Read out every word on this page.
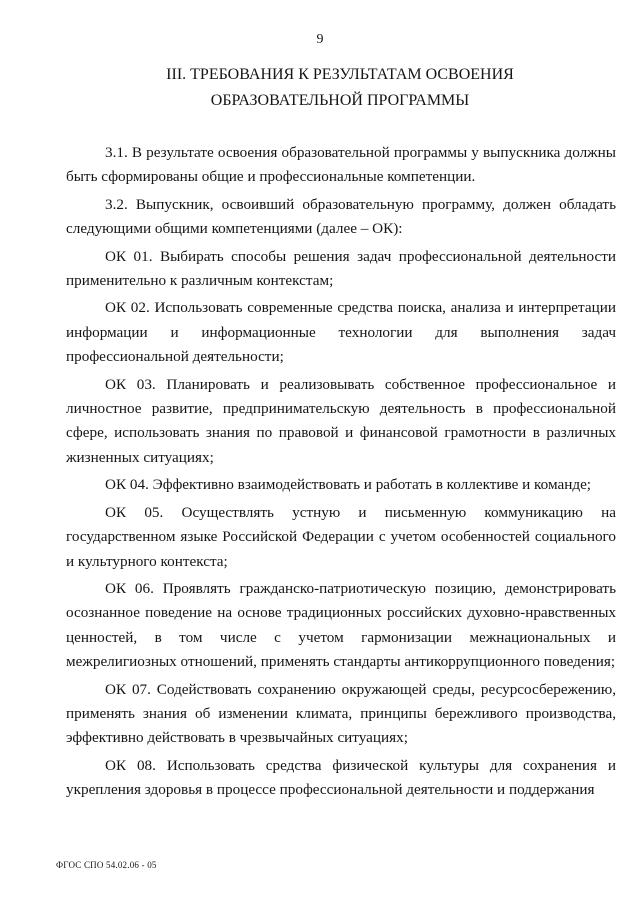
9
III. ТРЕБОВАНИЯ К РЕЗУЛЬТАТАМ ОСВОЕНИЯ ОБРАЗОВАТЕЛЬНОЙ ПРОГРАММЫ

3.1. В результате освоения образовательной программы у выпускника должны быть сформированы общие и профессиональные компетенции.

3.2. Выпускник, освоивший образовательную программу, должен обладать следующими общими компетенциями (далее – ОК):

ОК 01. Выбирать способы решения задач профессиональной деятельности применительно к различным контекстам;

ОК 02. Использовать современные средства поиска, анализа и интерпретации информации и информационные технологии для выполнения задач профессиональной деятельности;

ОК 03. Планировать и реализовывать собственное профессиональное и личностное развитие, предпринимательскую деятельность в профессиональной сфере, использовать знания по правовой и финансовой грамотности в различных жизненных ситуациях;

ОК 04. Эффективно взаимодействовать и работать в коллективе и команде;

ОК 05. Осуществлять устную и письменную коммуникацию на государственном языке Российской Федерации с учетом особенностей социального и культурного контекста;

ОК 06. Проявлять гражданско-патриотическую позицию, демонстрировать осознанное поведение на основе традиционных российских духовно-нравственных ценностей, в том числе с учетом гармонизации межнациональных и межрелигиозных отношений, применять стандарты антикоррупционного поведения;

ОК 07. Содействовать сохранению окружающей среды, ресурсосбережению, применять знания об изменении климата, принципы бережливого производства, эффективно действовать в чрезвычайных ситуациях;

ОК 08. Использовать средства физической культуры для сохранения и укрепления здоровья в процессе профессиональной деятельности и поддержания

ФГОС СПО 54.02.06 - 05
